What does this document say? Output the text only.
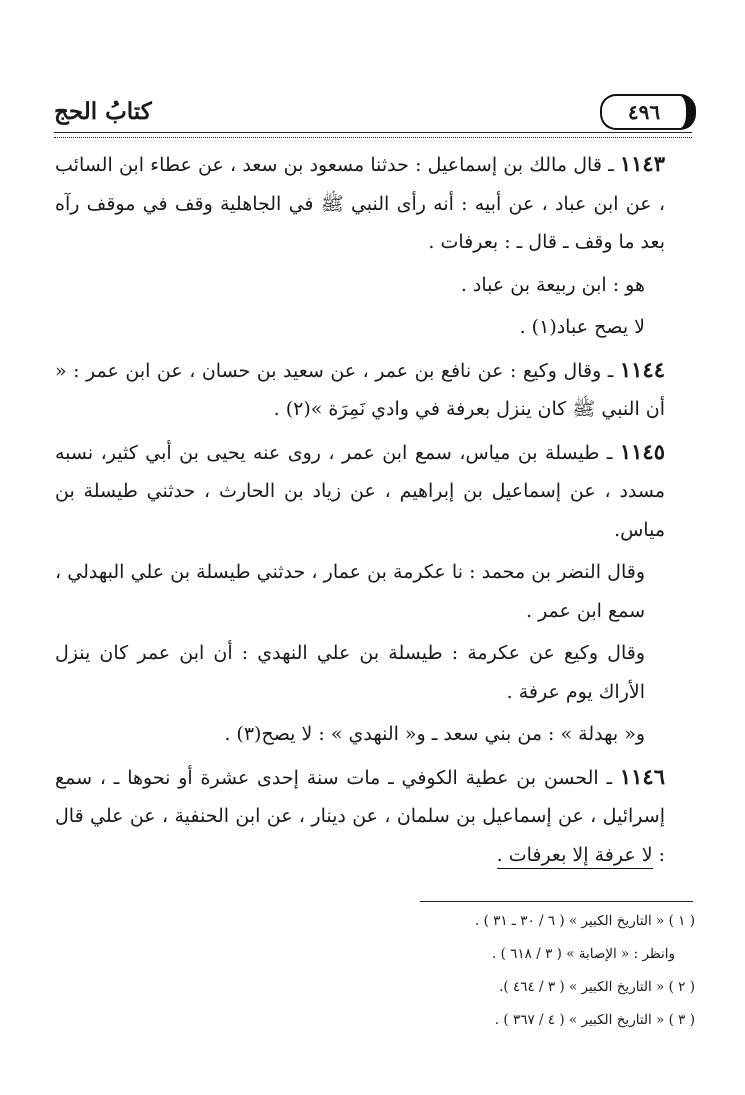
كتابُ الحج	٤٩٦

١١٤٣ ـ قال مالك بن إسماعيل : حدثنا مسعود بن سعد ، عن عطاء ابن السائب ، عن ابن عباد ، عن أبيه : أنه رأى النبي ﷺ في الجاهلية وقف في موقف رآه بعد ما وقف ـ قال ـ : بعرفات .

هو : ابن ربيعة بن عباد .

لا يصح عباد(١) .

١١٤٤ ـ وقال وكيع : عن نافع بن عمر ، عن سعيد بن حسان ، عن ابن عمر : « أن النبي ﷺ كان ينزل بعرفة في وادي نَمِرَة »(٢) .

١١٤٥ ـ طيسلة بن مياس، سمع ابن عمر ، روى عنه يحيى بن أبي كثير، نسبه مسدد ، عن إسماعيل بن إبراهيم ، عن زياد بن الحارث ، حدثني طيسلة بن مياس.

وقال النضر بن محمد : نا عكرمة بن عمار ، حدثني طيسلة بن علي البهدلي ، سمع ابن عمر .

وقال وكيع عن عكرمة : طيسلة بن علي النهدي : أن ابن عمر كان ينزل الأراك يوم عرفة .

و« بهدلة » : من بني سعد ـ و« النهدي » : لا يصح(٣) .

١١٤٦ ـ الحسن بن عطية الكوفي ـ مات سنة إحدى عشرة أو نحوها ـ ، سمع إسرائيل ، عن إسماعيل بن سلمان ، عن دينار ، عن ابن الحنفية ، عن علي قال : لا عرفة إلا بعرفات .

( ١ ) « التاريخ الكبير » ( ٦ / ٣٠ ـ ٣١ ) .

وانظر : « الإصابة » ( ٣ / ٦١٨ ) .

( ٢ ) « التاريخ الكبير » ( ٣ / ٤٦٤ ).

( ٣ ) « التاريخ الكبير » ( ٤ / ٣٦٧ ) .
